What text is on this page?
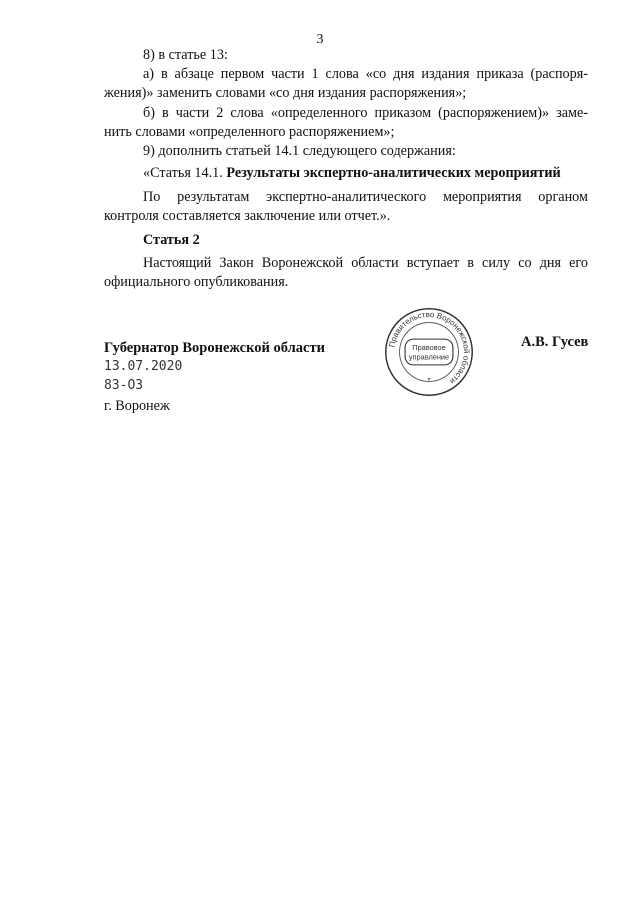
3
8) в статье 13:
а) в абзаце первом части 1 слова «со дня издания приказа (распоря-
жения)» заменить словами «со дня издания распоряжения»;
б) в части 2 слова «определенного приказом (распоряжением)» заме-
нить словами «определенного распоряжением»;
9) дополнить статьей 14.1 следующего содержания:
«Статья 14.1. Результаты экспертно-аналитических мероприятий
По результатам экспертно-аналитического мероприятия органом
контроля составляется заключение или отчет.».
Статья 2
Настоящий Закон Воронежской области вступает в силу со дня его
официального опубликования.
Губернатор Воронежской области	А.В. Гусев
13.07.2020
83-ОЗ
г. Воронеж
Правительство Воронежской области
Правовое
управление
*
